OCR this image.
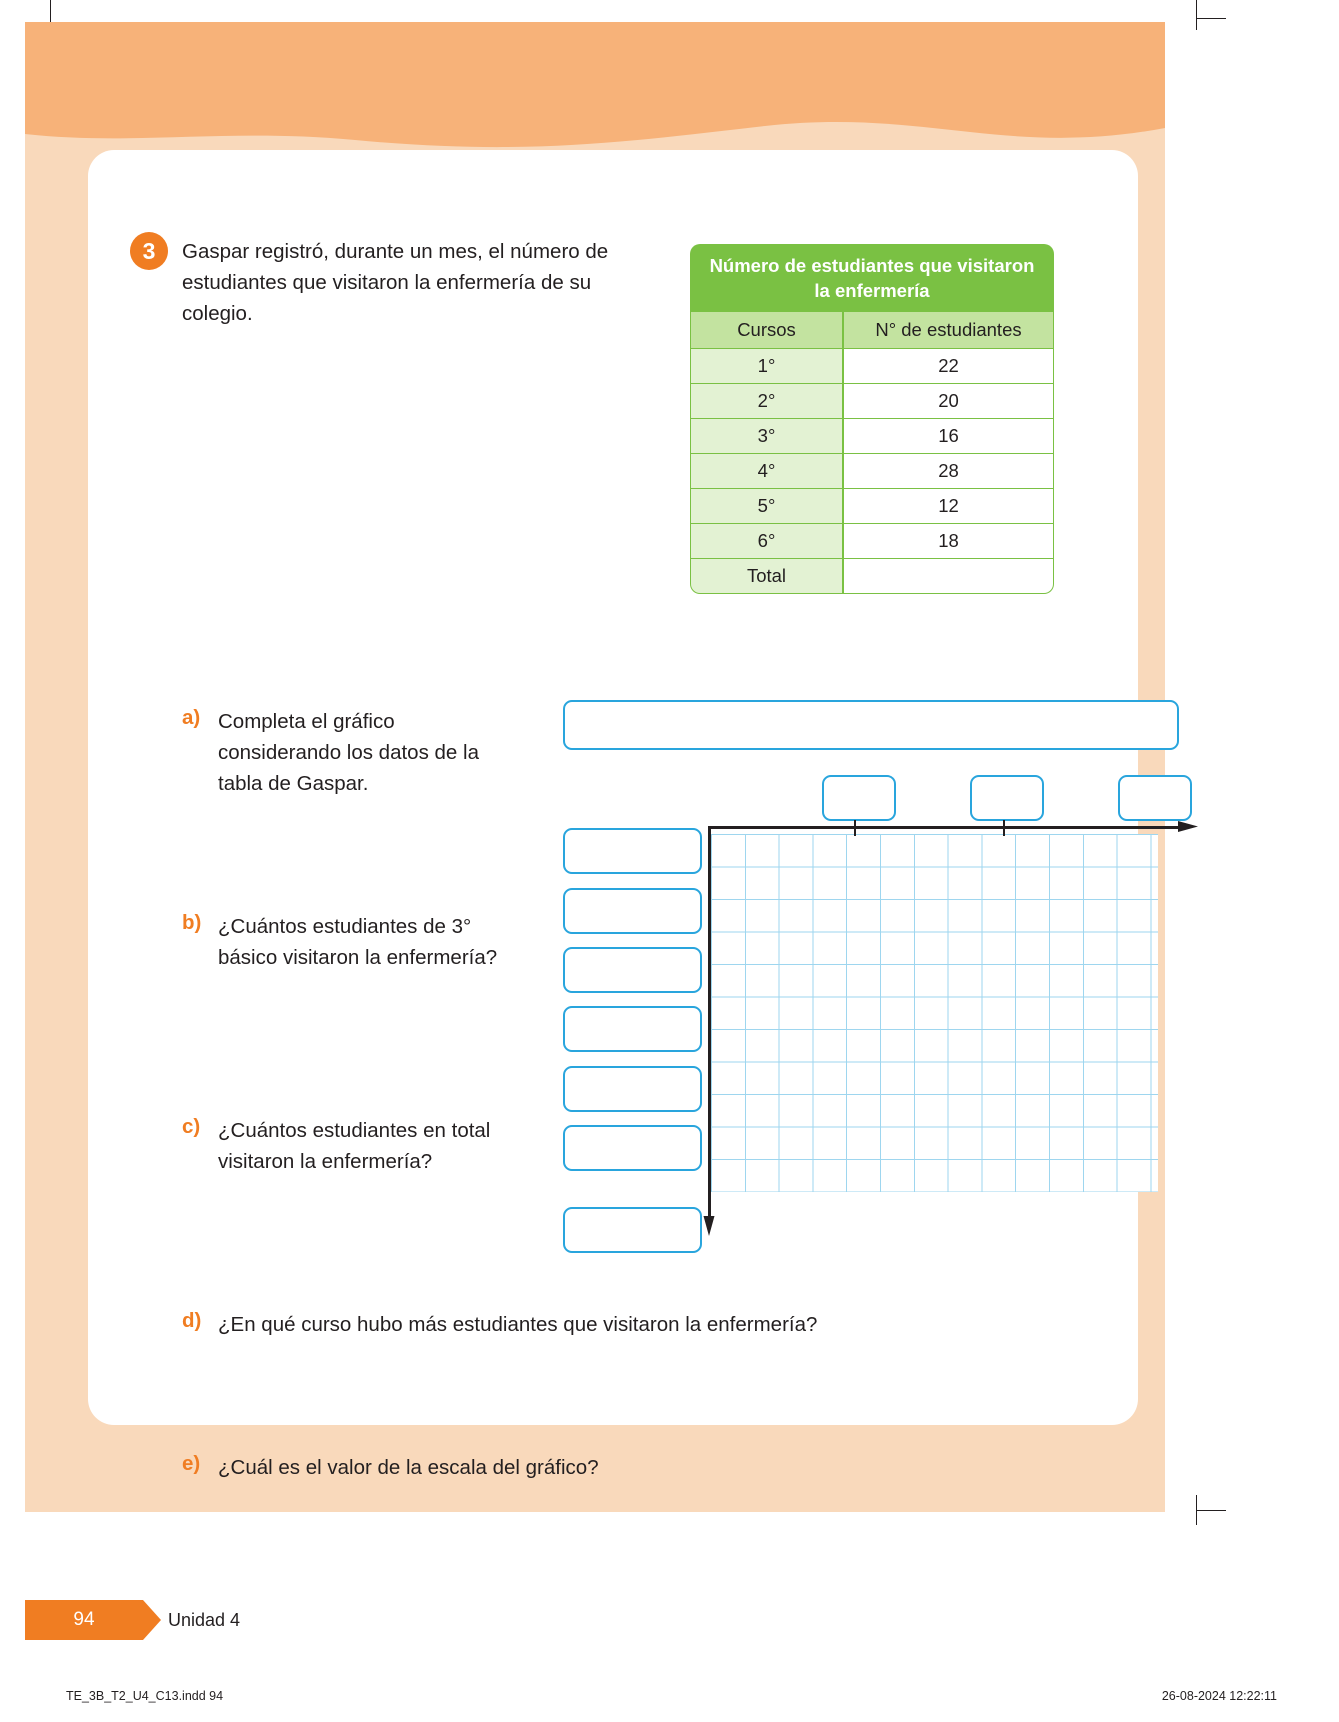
3	Gaspar registró, durante un mes, el número de estudiantes que visitaron la enfermería de su colegio.
Número de estudiantes que visitaron la enfermería	
Cursos	N° de estudiantes
1°	22
2°	20
3°	16
4°	28
5°	12
6°	18
Total	
a) Completa el gráfico considerando los datos de la tabla de Gaspar.
b) ¿Cuántos estudiantes de 3° básico visitaron la enfermería?
c) ¿Cuántos estudiantes en total visitaron la enfermería?
d) ¿En qué curso hubo más estudiantes que visitaron la enfermería?
e) ¿Cuál es el valor de la escala del gráfico?
94	Unidad 4
TE_3B_T2_U4_C13.indd 94	26-08-2024 12:22:11
